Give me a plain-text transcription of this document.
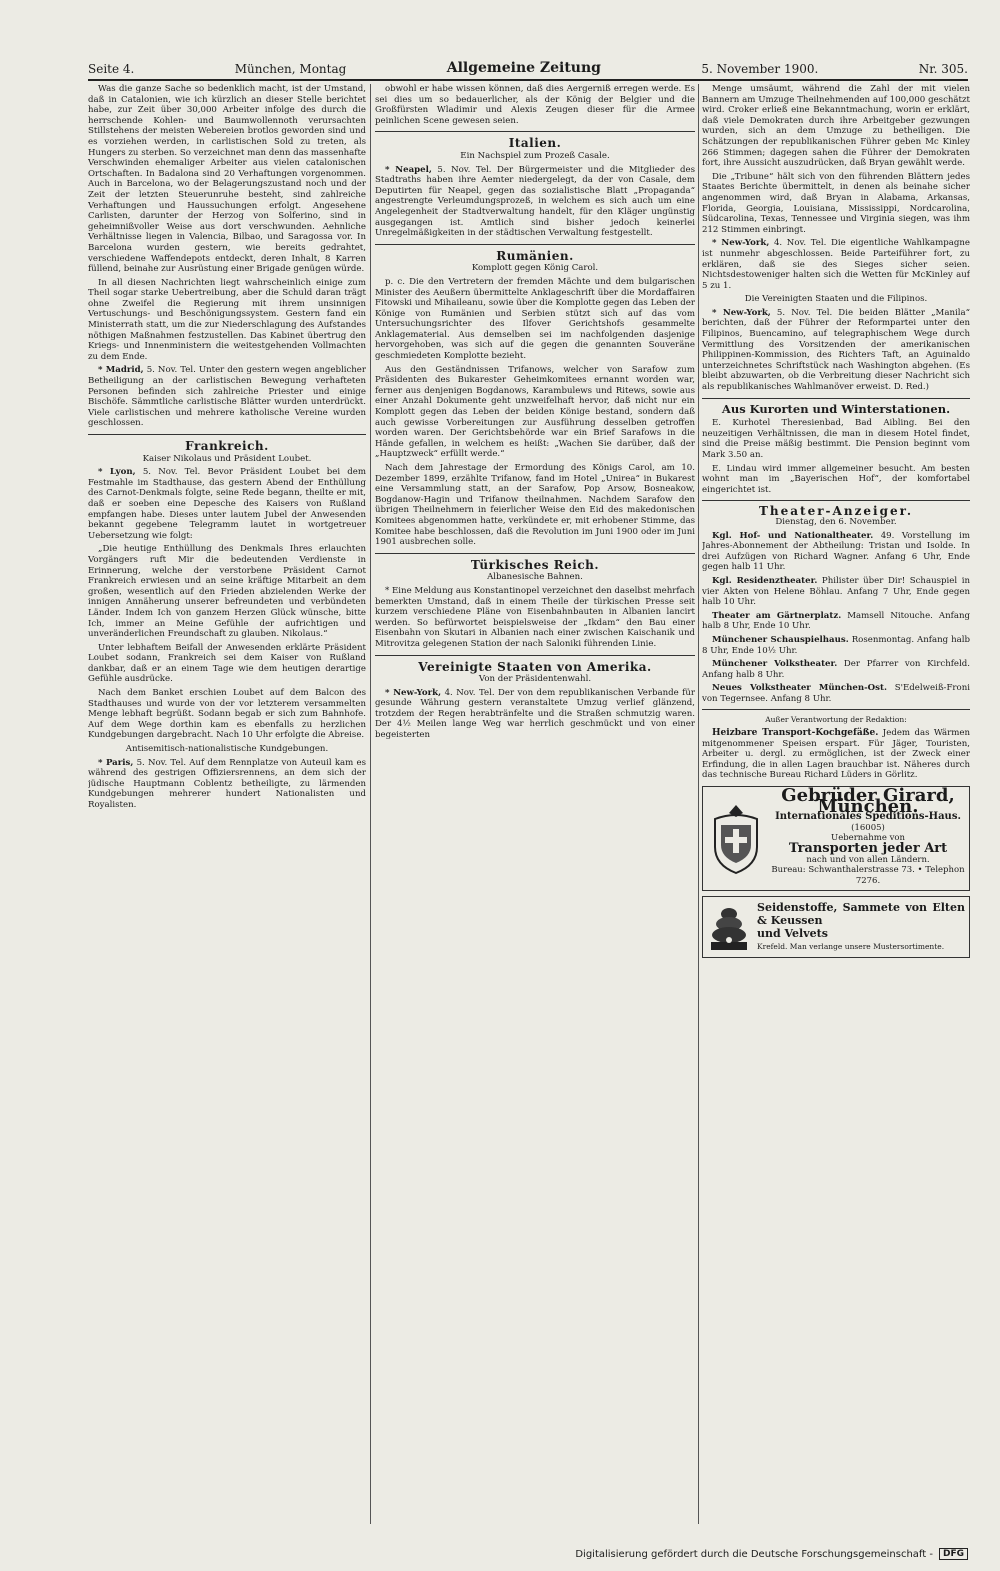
Seite 4.	München, Montag	Allgemeine Zeitung	5. November 1900.	Nr. 305.

Was die ganze Sache so bedenklich macht, ist der Umstand, daß in Catalonien, wie ich kürzlich an dieser Stelle berichtet habe, zur Zeit über 30,000 Arbeiter infolge des durch die herrschende Kohlen- und Baumwollennoth verursachten Stillstehens der meisten Webereien brotlos geworden sind und es vorziehen werden, in carlistischen Sold zu treten, als Hungers zu sterben. So verzeichnet man denn das massenhafte Verschwinden ehemaliger Arbeiter aus vielen catalonischen Ortschaften. In Badalona sind 20 Verhaftungen vorgenommen. Auch in Barcelona, wo der Belagerungszustand noch und der Zeit der letzten Steuerunruhe besteht, sind zahlreiche Verhaftungen und Haussuchungen erfolgt. Angesehene Carlisten, darunter der Herzog von Solferino, sind in geheimnißvoller Weise aus dort verschwunden. Aehnliche Verhältnisse liegen in Valencia, Bilbao, und Saragossa vor. In Barcelona wurden gestern, wie bereits gedrahtet, verschiedene Waffendepots entdeckt, deren Inhalt, 8 Karren füllend, beinahe zur Ausrüstung einer Brigade genügen würde.

In all diesen Nachrichten liegt wahrscheinlich einige zum Theil sogar starke Uebertreibung, aber die Schuld daran trägt ohne Zweifel die Regierung mit ihrem unsinnigen Vertuschungs- und Beschönigungssystem. Gestern fand ein Ministerrath statt, um die zur Niederschlagung des Aufstandes nöthigen Maßnahmen festzustellen. Das Kabinet übertrug den Kriegs- und Innenministern die weitestgehenden Vollmachten zu dem Ende.

* Madrid, 5. Nov. Tel. Unter den gestern wegen angeblicher Betheiligung an der carlistischen Bewegung verhafteten Personen befinden sich zahlreiche Priester und einige Bischöfe. Sämmtliche carlistische Blätter wurden unterdrückt. Viele carlistischen und mehrere katholische Vereine wurden geschlossen.

Frankreich.
Kaiser Nikolaus und Präsident Loubet.

* Lyon, 5. Nov. Tel. Bevor Präsident Loubet bei dem Festmahle im Stadthause, das gestern Abend der Enthüllung des Carnot-Denkmals folgte, seine Rede begann, theilte er mit, daß er soeben eine Depesche des Kaisers von Rußland empfangen habe. Dieses unter lautem Jubel der Anwesenden bekannt gegebene Telegramm lautet in wortgetreuer Uebersetzung wie folgt:

„Die heutige Enthüllung des Denkmals Ihres erlauchten Vorgängers ruft Mir die bedeutenden Verdienste in Erinnerung, welche der verstorbene Präsident Carnot Frankreich erwiesen und an seine kräftige Mitarbeit an dem großen, wesentlich auf den Frieden abzielenden Werke der innigen Annäherung unserer befreundeten und verbündeten Länder. Indem Ich von ganzem Herzen Glück wünsche, bitte Ich, immer an Meine Gefühle der aufrichtigen und unveränderlichen Freundschaft zu glauben. Nikolaus.“

Unter lebhaftem Beifall der Anwesenden erklärte Präsident Loubet sodann, Frankreich sei dem Kaiser von Rußland dankbar, daß er an einem Tage wie dem heutigen derartige Gefühle ausdrücke.

Nach dem Banket erschien Loubet auf dem Balcon des Stadthauses und wurde von der vor letzterem versammelten Menge lebhaft begrüßt. Sodann begab er sich zum Bahnhofe. Auf dem Wege dorthin kam es ebenfalls zu herzlichen Kundgebungen dargebracht. Nach 10 Uhr erfolgte die Abreise.

Antisemitisch-nationalistische Kundgebungen.

* Paris, 5. Nov. Tel. Auf dem Rennplatze von Auteuil kam es während des gestrigen Offiziersrennens, an dem sich der jüdische Hauptmann Coblentz betheiligte, zu lärmenden Kundgebungen mehrerer hundert Nationalisten und Royalisten.

obwohl er habe wissen können, daß dies Aergerniß erregen werde. Es sei dies um so bedauerlicher, als der König der Belgier und die Großfürsten Wladimir und Alexis Zeugen dieser für die Armee peinlichen Scene gewesen seien.

Italien.
Ein Nachspiel zum Prozeß Casale.

* Neapel, 5. Nov. Tel. Der Bürgermeister und die Mitglieder des Stadtraths haben ihre Aemter niedergelegt, da der von Casale, dem Deputirten für Neapel, gegen das sozialistische Blatt „Propaganda“ angestrengte Verleumdungsprozeß, in welchem es sich auch um eine Angelegenheit der Stadtverwaltung handelt, für den Kläger ungünstig ausgegangen ist. Amtlich sind bisher jedoch keinerlei Unregelmäßigkeiten in der städtischen Verwaltung festgestellt.

Rumänien.
Komplott gegen König Carol.

p. c. Die den Vertretern der fremden Mächte und dem bulgarischen Minister des Aeußern übermittelte Anklageschrift über die Mordaffairen Fitowski und Mihaileanu, sowie über die Komplotte gegen das Leben der Könige von Rumänien und Serbien stützt sich auf das vom Untersuchungsrichter des Ilfover Gerichtshofs gesammelte Anklagematerial. Aus demselben sei im nachfolgenden dasjenige hervorgehoben, was sich auf die gegen die genannten Souveräne geschmiedeten Komplotte bezieht.

Aus den Geständnissen Trifanows, welcher von Sarafow zum Präsidenten des Bukarester Geheimkomitees ernannt worden war, ferner aus denjenigen Bogdanows, Karambulews und Ritews, sowie aus einer Anzahl Dokumente geht unzweifelhaft hervor, daß nicht nur ein Komplott gegen das Leben der beiden Könige bestand, sondern daß auch gewisse Vorbereitungen zur Ausführung desselben getroffen worden waren. Der Gerichtsbehörde war ein Brief Sarafows in die Hände gefallen, in welchem es heißt: „Wachen Sie darüber, daß der „Hauptzweck“ erfüllt werde.“

Nach dem Jahrestage der Ermordung des Königs Carol, am 10. Dezember 1899, erzählte Trifanow, fand im Hotel „Unirea“ in Bukarest eine Versammlung statt, an der Sarafow, Pop Arsow, Bosneakow, Bogdanow-Hagin und Trifanow theilnahmen. Nachdem Sarafow den übrigen Theilnehmern in feierlicher Weise den Eid des makedonischen Komitees abgenommen hatte, verkündete er, mit erhobener Stimme, das Komitee habe beschlossen, daß die Revolution im Juni 1900 oder im Juni 1901 ausbrechen solle.

Türkisches Reich.
Albanesische Bahnen.

* Eine Meldung aus Konstantinopel verzeichnet den daselbst mehrfach bemerkten Umstand, daß in einem Theile der türkischen Presse seit kurzem verschiedene Pläne von Eisenbahnbauten in Albanien lancirt werden. So befürwortet beispielsweise der „Ikdam“ den Bau einer Eisenbahn von Skutari in Albanien nach einer zwischen Kaischanik und Mitrovitza gelegenen Station der nach Saloniki führenden Linie.

Vereinigte Staaten von Amerika.
Von der Präsidentenwahl.

* New-York, 4. Nov. Tel. Der von dem republikanischen Verbande für gesunde Währung gestern veranstaltete Umzug verlief glänzend, trotzdem der Regen herabtränfelte und die Straßen schmutzig waren. Der 4½ Meilen lange Weg war herrlich geschmückt und von einer begeisterten

Menge umsäumt, während die Zahl der mit vielen Bannern am Umzuge Theilnehmenden auf 100,000 geschätzt wird. Croker erließ eine Bekanntmachung, worin er erklärt, daß viele Demokraten durch ihre Arbeitgeber gezwungen wurden, sich an dem Umzuge zu betheiligen. Die Schätzungen der republikanischen Führer geben Mc Kinley 266 Stimmen; dagegen sahen die Führer der Demokraten fort, ihre Aussicht auszudrücken, daß Bryan gewählt werde.

Die „Tribune“ hält sich von den führenden Blättern jedes Staates Berichte übermittelt, in denen als beinahe sicher angenommen wird, daß Bryan in Alabama, Arkansas, Florida, Georgia, Louisiana, Mississippi, Nordcarolina, Südcarolina, Texas, Tennessee und Virginia siegen, was ihm 212 Stimmen einbringt.

* New-York, 4. Nov. Tel. Die eigentliche Wahlkampagne ist nunmehr abgeschlossen. Beide Parteiführer fort, zu erklären, daß sie des Sieges sicher seien. Nichtsdestoweniger halten sich die Wetten für McKinley auf 5 zu 1.

Die Vereinigten Staaten und die Filipinos.

* New-York, 5. Nov. Tel. Die beiden Blätter „Manila“ berichten, daß der Führer der Reformpartei unter den Filipinos, Buencamino, auf telegraphischem Wege durch Vermittlung des Vorsitzenden der amerikanischen Philippinen-Kommission, des Richters Taft, an Aguinaldo unterzeichnetes Schriftstück nach Washington abgehen. (Es bleibt abzuwarten, ob die Verbreitung dieser Nachricht sich als republikanisches Wahlmanöver erweist. D. Red.)

Aus Kurorten und Winterstationen.

E. Kurhotel Theresienbad, Bad Aibling. Bei den neuzeitigen Verhältnissen, die man in diesem Hotel findet, sind die Preise mäßig bestimmt. Die Pension beginnt vom Mark 3.50 an.

E. Lindau wird immer allgemeiner besucht. Am besten wohnt man im „Bayerischen Hof“, der komfortabel eingerichtet ist.

Theater-Anzeiger.
Dienstag, den 6. November.

Kgl. Hof- und Nationaltheater. 49. Vorstellung im Jahres-Abonnement der Abtheilung: Tristan und Isolde. In drei Aufzügen von Richard Wagner. Anfang 6 Uhr, Ende gegen halb 11 Uhr.

Kgl. Residenztheater. Philister über Dir! Schauspiel in vier Akten von Helene Böhlau. Anfang 7 Uhr, Ende gegen halb 10 Uhr.

Theater am Gärtnerplatz. Mamsell Nitouche. Anfang halb 8 Uhr, Ende 10 Uhr.

Münchener Schauspielhaus. Rosenmontag. Anfang halb 8 Uhr, Ende 10½ Uhr.

Münchener Volkstheater. Der Pfarrer von Kirchfeld. Anfang halb 8 Uhr.

Neues Volkstheater München-Ost. S'Edelweiß-Froni von Tegernsee. Anfang 8 Uhr.

Außer Verantwortung der Redaktion:

Heizbare Transport-Kochgefäße. Jedem das Wärmen mitgenommener Speisen erspart. Für Jäger, Touristen, Arbeiter u. dergl. zu ermöglichen, ist der Zweck einer Erfindung, die in allen Lagen brauchbar ist. Näheres durch das technische Bureau Richard Lüders in Görlitz.

Gebrüder Girard, München.
Internationales Speditions-Haus.
(16005)
Uebernahme von
Transporten jeder Art
nach und von allen Ländern.
Bureau: Schwanthalerstrasse 73. • Telephon 7276.
Seidenstoffe, Sammete von Elten & Keussen
und Velvets
Krefeld. Man verlange unsere Mustersortimente.
Digitalisierung gefördert durch die Deutsche Forschungsgemeinschaft -	DFG
